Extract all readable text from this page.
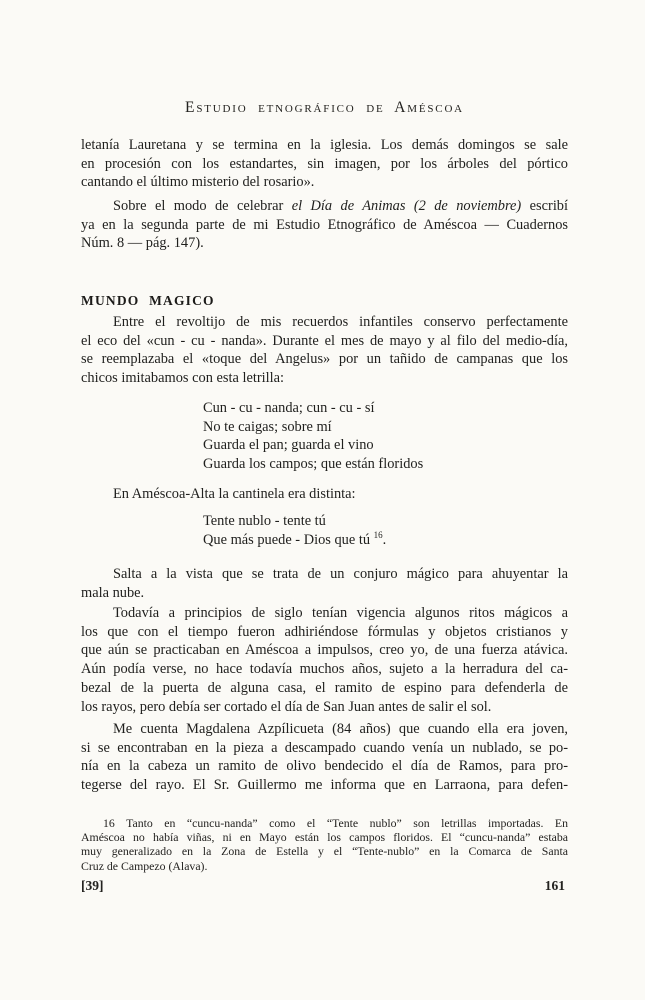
Estudio etnográfico de Améscoa
letanía Lauretana y se termina en la iglesia. Los demás domingos se sale
en procesión con los estandartes, sin imagen, por los árboles del pórtico
cantando el último misterio del rosario».
Sobre el modo de celebrar el Día de Animas (2 de noviembre) escribí
ya en la segunda parte de mi Estudio Etnográfico de Améscoa — Cuadernos
Núm. 8 — pág. 147).
MUNDO MAGICO
Entre el revoltijo de mis recuerdos infantiles conservo perfectamente
el eco del «cun - cu - nanda». Durante el mes de mayo y al filo del medio-día,
se reemplazaba el «toque del Angelus» por un tañido de campanas que los
chicos imitabamos con esta letrilla:
Cun - cu - nanda; cun - cu - sí
No te caigas; sobre mí
Guarda el pan; guarda el vino
Guarda los campos; que están floridos
En Améscoa-Alta la cantinela era distinta:
Tente nublo - tente tú
Que más puede - Dios que tú $^{16}$.
Salta a la vista que se trata de un conjuro mágico para ahuyentar la
mala nube.
Todavía a principios de siglo tenían vigencia algunos ritos mágicos a
los que con el tiempo fueron adhiriéndose fórmulas y objetos cristianos y
que aún se practicaban en Améscoa a impulsos, creo yo, de una fuerza atávica.
Aún podía verse, no hace todavía muchos años, sujeto a la herradura del ca-
bezal de la puerta de alguna casa, el ramito de espino para defenderla de
los rayos, pero debía ser cortado el día de San Juan antes de salir el sol.
Me cuenta Magdalena Azpílicueta (84 años) que cuando ella era joven,
si se encontraban en la pieza a descampado cuando venía un nublado, se po-
nía en la cabeza un ramito de olivo bendecido el día de Ramos, para pro-
tegerse del rayo. El Sr. Guillermo me informa que en Larraona, para defen-
16 Tanto en “cuncu-nanda” como el “Tente nublo” son letrillas importadas. En
Améscoa no había viñas, ni en Mayo están los campos floridos. El “cuncu-nanda” estaba
muy generalizado en la Zona de Estella y el “Tente-nublo” en la Comarca de Santa
Cruz de Campezo (Alava).
[39]	161
